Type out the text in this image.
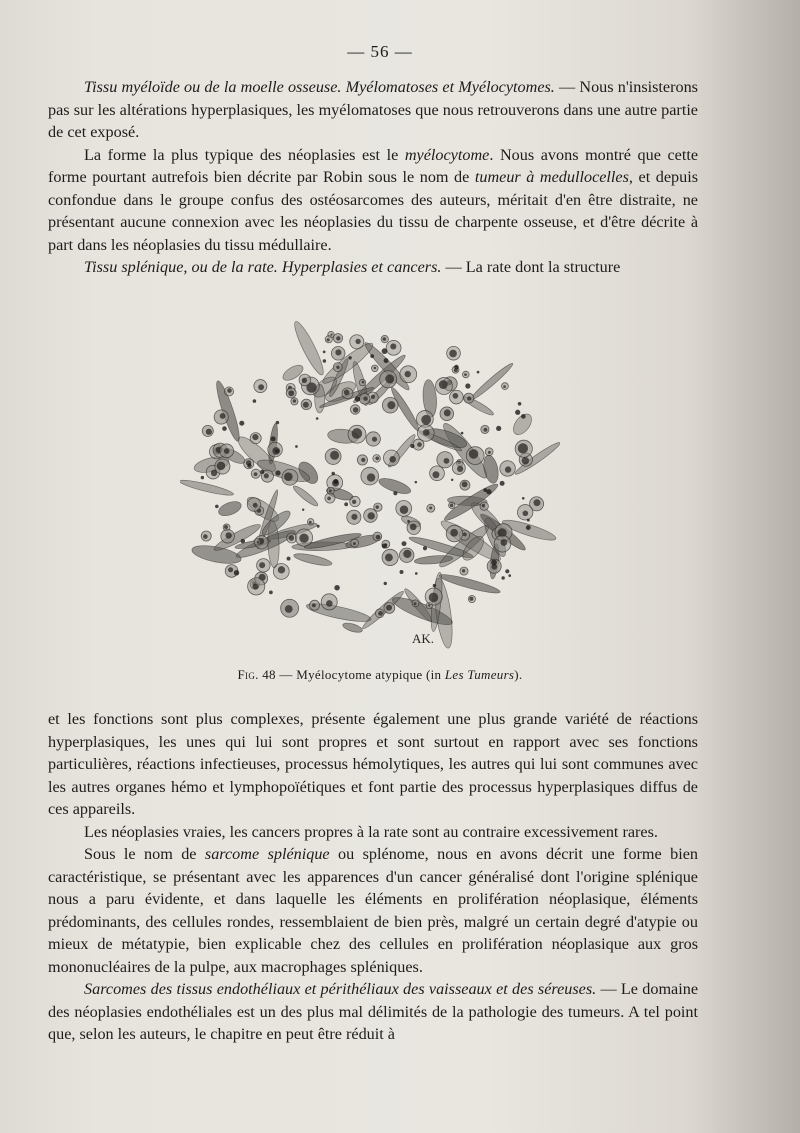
— 56 —

Tissu myéloïde ou de la moelle osseuse. Myélomatoses et Myélocytomes. — Nous n'insisterons pas sur les altérations hyperplasiques, les myélomatoses que nous retrouverons dans une autre partie de cet exposé.

La forme la plus typique des néoplasies est le myélocytome. Nous avons montré que cette forme pourtant autrefois bien décrite par Robin sous le nom de tumeur à medullocelles, et depuis confondue dans le groupe confus des ostéosarcomes des auteurs, méritait d'en être distraite, ne présentant aucune connexion avec les néoplasies du tissu de charpente osseuse, et d'être décrite à part dans les néoplasies du tissu médullaire.

Tissu splénique, ou de la rate. Hyperplasies et cancers. — La rate dont la structure

AK.
Fig. 48 — Myélocytome atypique (in Les Tumeurs).

et les fonctions sont plus complexes, présente également une plus grande variété de réactions hyperplasiques, les unes qui lui sont propres et sont surtout en rapport avec ses fonctions particulières, réactions infectieuses, processus hémolytiques, les autres qui lui sont communes avec les autres organes hémo et lymphopoïétiques et font partie des processus hyperplasiques diffus de ces appareils.

Les néoplasies vraies, les cancers propres à la rate sont au contraire excessivement rares.

Sous le nom de sarcome splénique ou splénome, nous en avons décrit une forme bien caractéristique, se présentant avec les apparences d'un cancer généralisé dont l'origine splénique nous a paru évidente, et dans laquelle les éléments en prolifération néoplasique, éléments prédominants, des cellules rondes, ressemblaient de bien près, malgré un certain degré d'atypie ou mieux de métatypie, bien explicable chez des cellules en prolifération néoplasique aux gros mononucléaires de la pulpe, aux macrophages spléniques.

Sarcomes des tissus endothéliaux et périthéliaux des vaisseaux et des séreuses. — Le domaine des néoplasies endothéliales est un des plus mal délimités de la pathologie des tumeurs. A tel point que, selon les auteurs, le chapitre en peut être réduit à
